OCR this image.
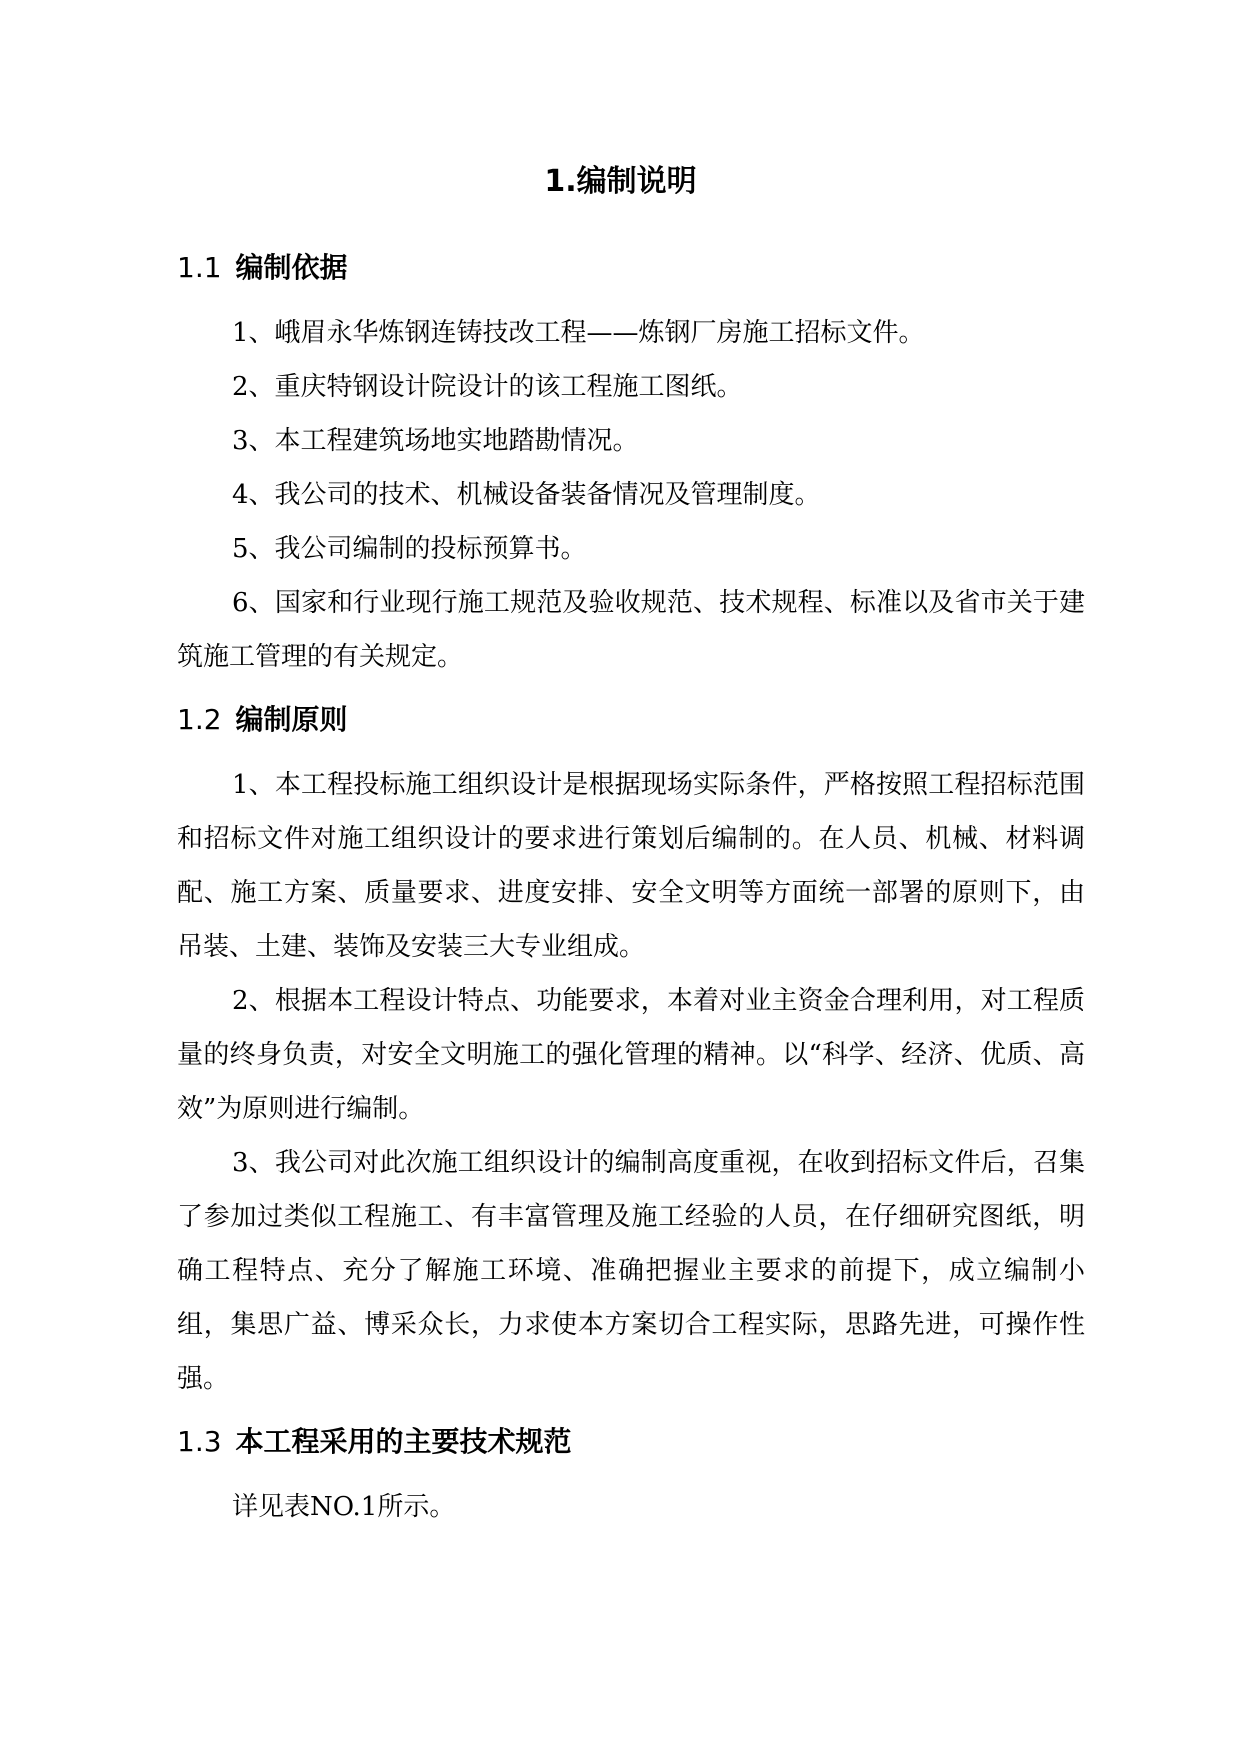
1.编制说明
1.1 编制依据

1、峨眉永华炼钢连铸技改工程——炼钢厂房施工招标文件。

2、重庆特钢设计院设计的该工程施工图纸。

3、本工程建筑场地实地踏勘情况。

4、我公司的技术、机械设备装备情况及管理制度。

5、我公司编制的投标预算书。

6、国家和行业现行施工规范及验收规范、技术规程、标准以及省市关于建筑施工管理的有关规定。

1.2 编制原则

1、本工程投标施工组织设计是根据现场实际条件，严格按照工程招标范围和招标文件对施工组织设计的要求进行策划后编制的。在人员、机械、材料调配、施工方案、质量要求、进度安排、安全文明等方面统一部署的原则下，由吊装、土建、装饰及安装三大专业组成。

2、根据本工程设计特点、功能要求，本着对业主资金合理利用，对工程质量的终身负责，对安全文明施工的强化管理的精神。以“科学、经济、优质、高效”为原则进行编制。

3、我公司对此次施工组织设计的编制高度重视，在收到招标文件后，召集了参加过类似工程施工、有丰富管理及施工经验的人员，在仔细研究图纸，明确工程特点、充分了解施工环境、准确把握业主要求的前提下，成立编制小组，集思广益、博采众长，力求使本方案切合工程实际，思路先进，可操作性强。

1.3 本工程采用的主要技术规范

详见表NO.1所示。
